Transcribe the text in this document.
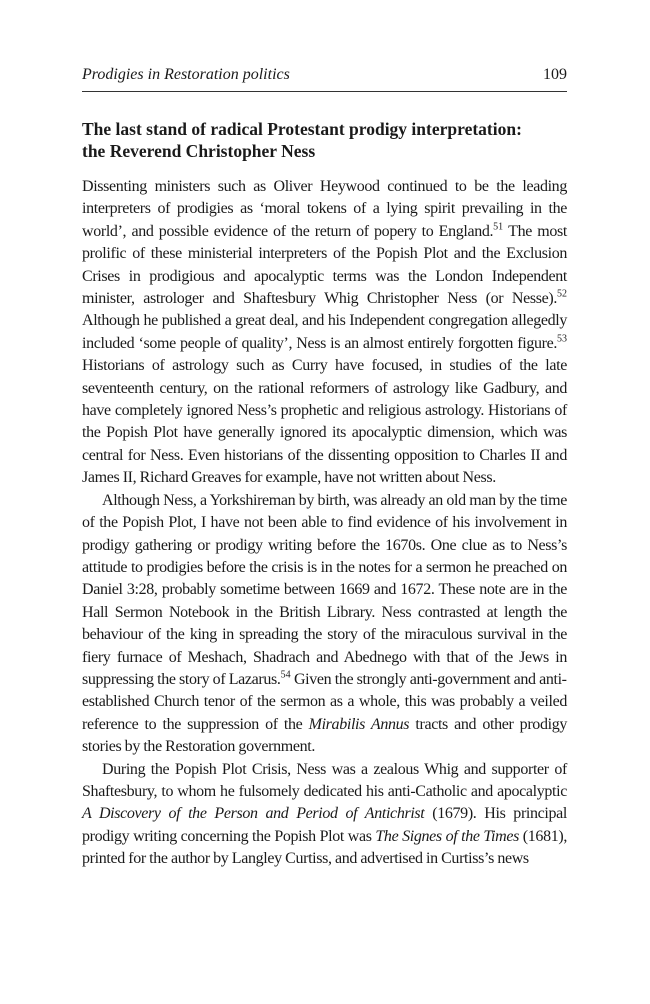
Prodigies in Restoration politics	109
The last stand of radical Protestant prodigy interpretation:
the Reverend Christopher Ness

Dissenting ministers such as Oliver Heywood continued to be the leading interpreters of prodigies as ‘moral tokens of a lying spirit prevailing in the world’, and possible evidence of the return of popery to England.$^{51}$ The most prolific of these ministerial interpreters of the Popish Plot and the Exclusion Crises in prodigious and apocalyptic terms was the London Independent minister, astrologer and Shaftesbury Whig Christopher Ness (or Nesse).$^{52}$ Although he published a great deal, and his Independent congregation allegedly included ‘some people of quality’, Ness is an almost entirely forgotten figure.$^{53}$ Historians of astrology such as Curry have focused, in studies of the late seventeenth century, on the rational reformers of astrology like Gadbury, and have completely ignored Ness’s prophetic and religious astrology. Historians of the Popish Plot have generally ignored its apocalyptic dimension, which was central for Ness. Even historians of the dissenting opposition to Charles II and James II, Richard Greaves for example, have not written about Ness.

Although Ness, a Yorkshireman by birth, was already an old man by the time of the Popish Plot, I have not been able to find evidence of his involvement in prodigy gathering or prodigy writing before the 1670s. One clue as to Ness’s attitude to prodigies before the crisis is in the notes for a sermon he preached on Daniel 3:28, probably sometime between 1669 and 1672. These note are in the Hall Sermon Notebook in the British Library. Ness contrasted at length the behaviour of the king in spreading the story of the miraculous survival in the fiery furnace of Meshach, Shadrach and Abednego with that of the Jews in suppressing the story of Lazarus.$^{54}$ Given the strongly anti-government and antiestablished Church tenor of the sermon as a whole, this was probably a veiled reference to the suppression of the Mirabilis Annus tracts and other prodigy stories by the Restoration government.

During the Popish Plot Crisis, Ness was a zealous Whig and supporter of Shaftesbury, to whom he fulsomely dedicated his anti-Catholic and apocalyptic A Discovery of the Person and Period of Antichrist (1679). His principal prodigy writing concerning the Popish Plot was The Signes of the Times (1681), printed for the author by Langley Curtiss, and advertised in Curtiss’s news
